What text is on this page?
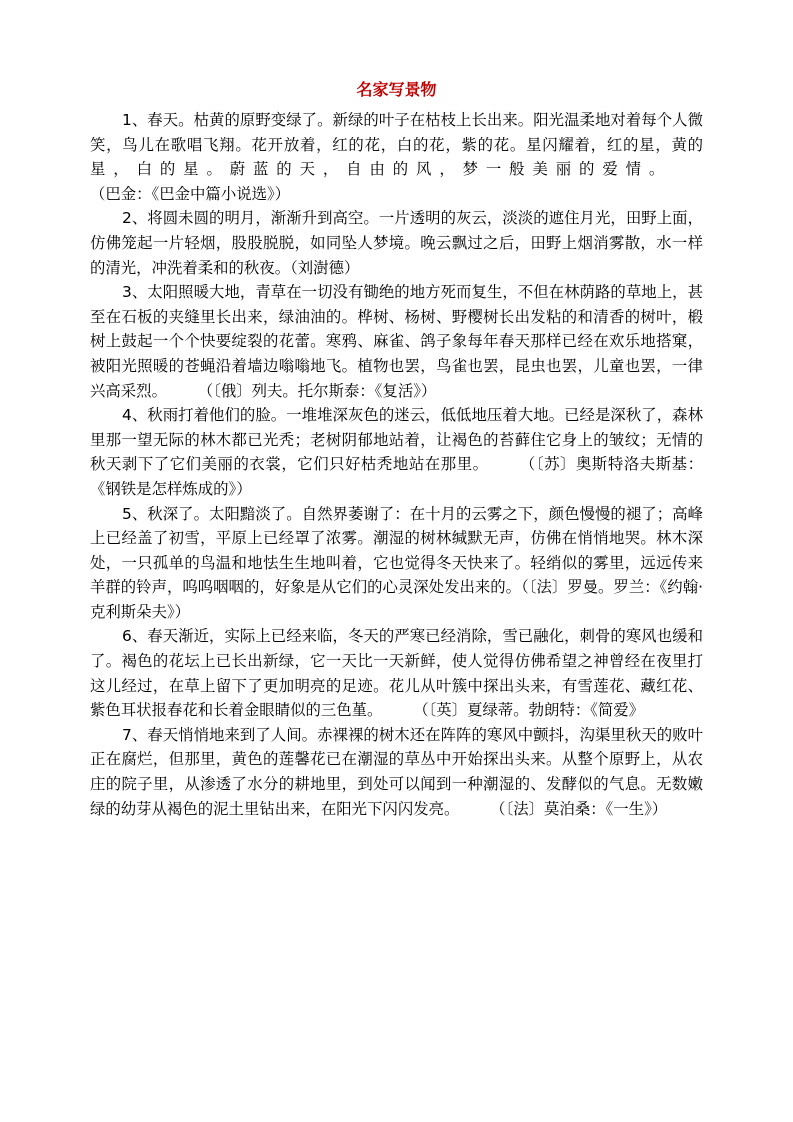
名家写景物

1、春天。枯黄的原野变绿了。新绿的叶子在枯枝上长出来。阳光温柔地对着每个人微笑，鸟儿在歌唱飞翔。花开放着，红的花，白的花，紫的花。星闪耀着，红的星，黄的星，白的星。蔚蓝的天，自由的风，梦一般美丽的爱情。  （巴金：《巴金中篇小说选》）

2、将圆未圆的明月，渐渐升到高空。一片透明的灰云，淡淡的遮住月光，田野上面，仿佛笼起一片轻烟，股股脱脱，如同坠人梦境。晚云飘过之后，田野上烟消雾散，水一样的清光，冲洗着柔和的秋夜。（刘澍德）

3、太阳照暖大地，青草在一切没有锄绝的地方死而复生，不但在林荫路的草地上，甚至在石板的夹缝里长出来，绿油油的。桦树、杨树、野樱树长出发粘的和清香的树叶，椴树上鼓起一个个快要绽裂的花蕾。寒鸦、麻雀、鸽子象每年春天那样已经在欢乐地搭窠，被阳光照暖的苍蝇沿着墙边嗡嗡地飞。植物也罢，鸟雀也罢，昆虫也罢，儿童也罢，一律兴高采烈。   （〔俄〕列夫。托尔斯泰：《复活》）

4、秋雨打着他们的脸。一堆堆深灰色的迷云，低低地压着大地。已经是深秋了，森林里那一望无际的林木都已光秃；老树阴郁地站着，让褐色的苔藓住它身上的皱纹；无情的秋天剥下了它们美丽的衣裳，它们只好枯秃地站在那里。   （〔苏〕奥斯特洛夫斯基：《钢铁是怎样炼成的》）

5、秋深了。太阳黯淡了。自然界萎谢了：在十月的云雾之下，颜色慢慢的褪了；高峰上已经盖了初雪，平原上已经罩了浓雾。潮湿的树林缄默无声，仿佛在悄悄地哭。林木深处，一只孤单的鸟温和地怯生生地叫着，它也觉得冬天快来了。轻绡似的雾里，远远传来羊群的铃声，呜呜咽咽的，好象是从它们的心灵深处发出来的。（〔法〕罗曼。罗兰：《约翰·克利斯朵夫》）

6、春天渐近，实际上已经来临，冬天的严寒已经消除，雪已融化，刺骨的寒风也缓和了。褐色的花坛上已长出新绿，它一天比一天新鲜，使人觉得仿佛希望之神曾经在夜里打这儿经过，在草上留下了更加明亮的足迹。花儿从叶簇中探出头来，有雪莲花、藏红花、紫色耳状报春花和长着金眼睛似的三色堇。   （〔英〕夏绿蒂。勃朗特：《简爱》

7、春天悄悄地来到了人间。赤裸裸的树木还在阵阵的寒风中颤抖，沟渠里秋天的败叶正在腐烂，但那里，黄色的莲馨花已在潮湿的草丛中开始探出头来。从整个原野上，从农庄的院子里，从渗透了水分的耕地里，到处可以闻到一种潮湿的、发酵似的气息。无数嫩绿的幼芽从褐色的泥土里钻出来，在阳光下闪闪发亮。   （〔法〕莫泊桑：《一生》）
